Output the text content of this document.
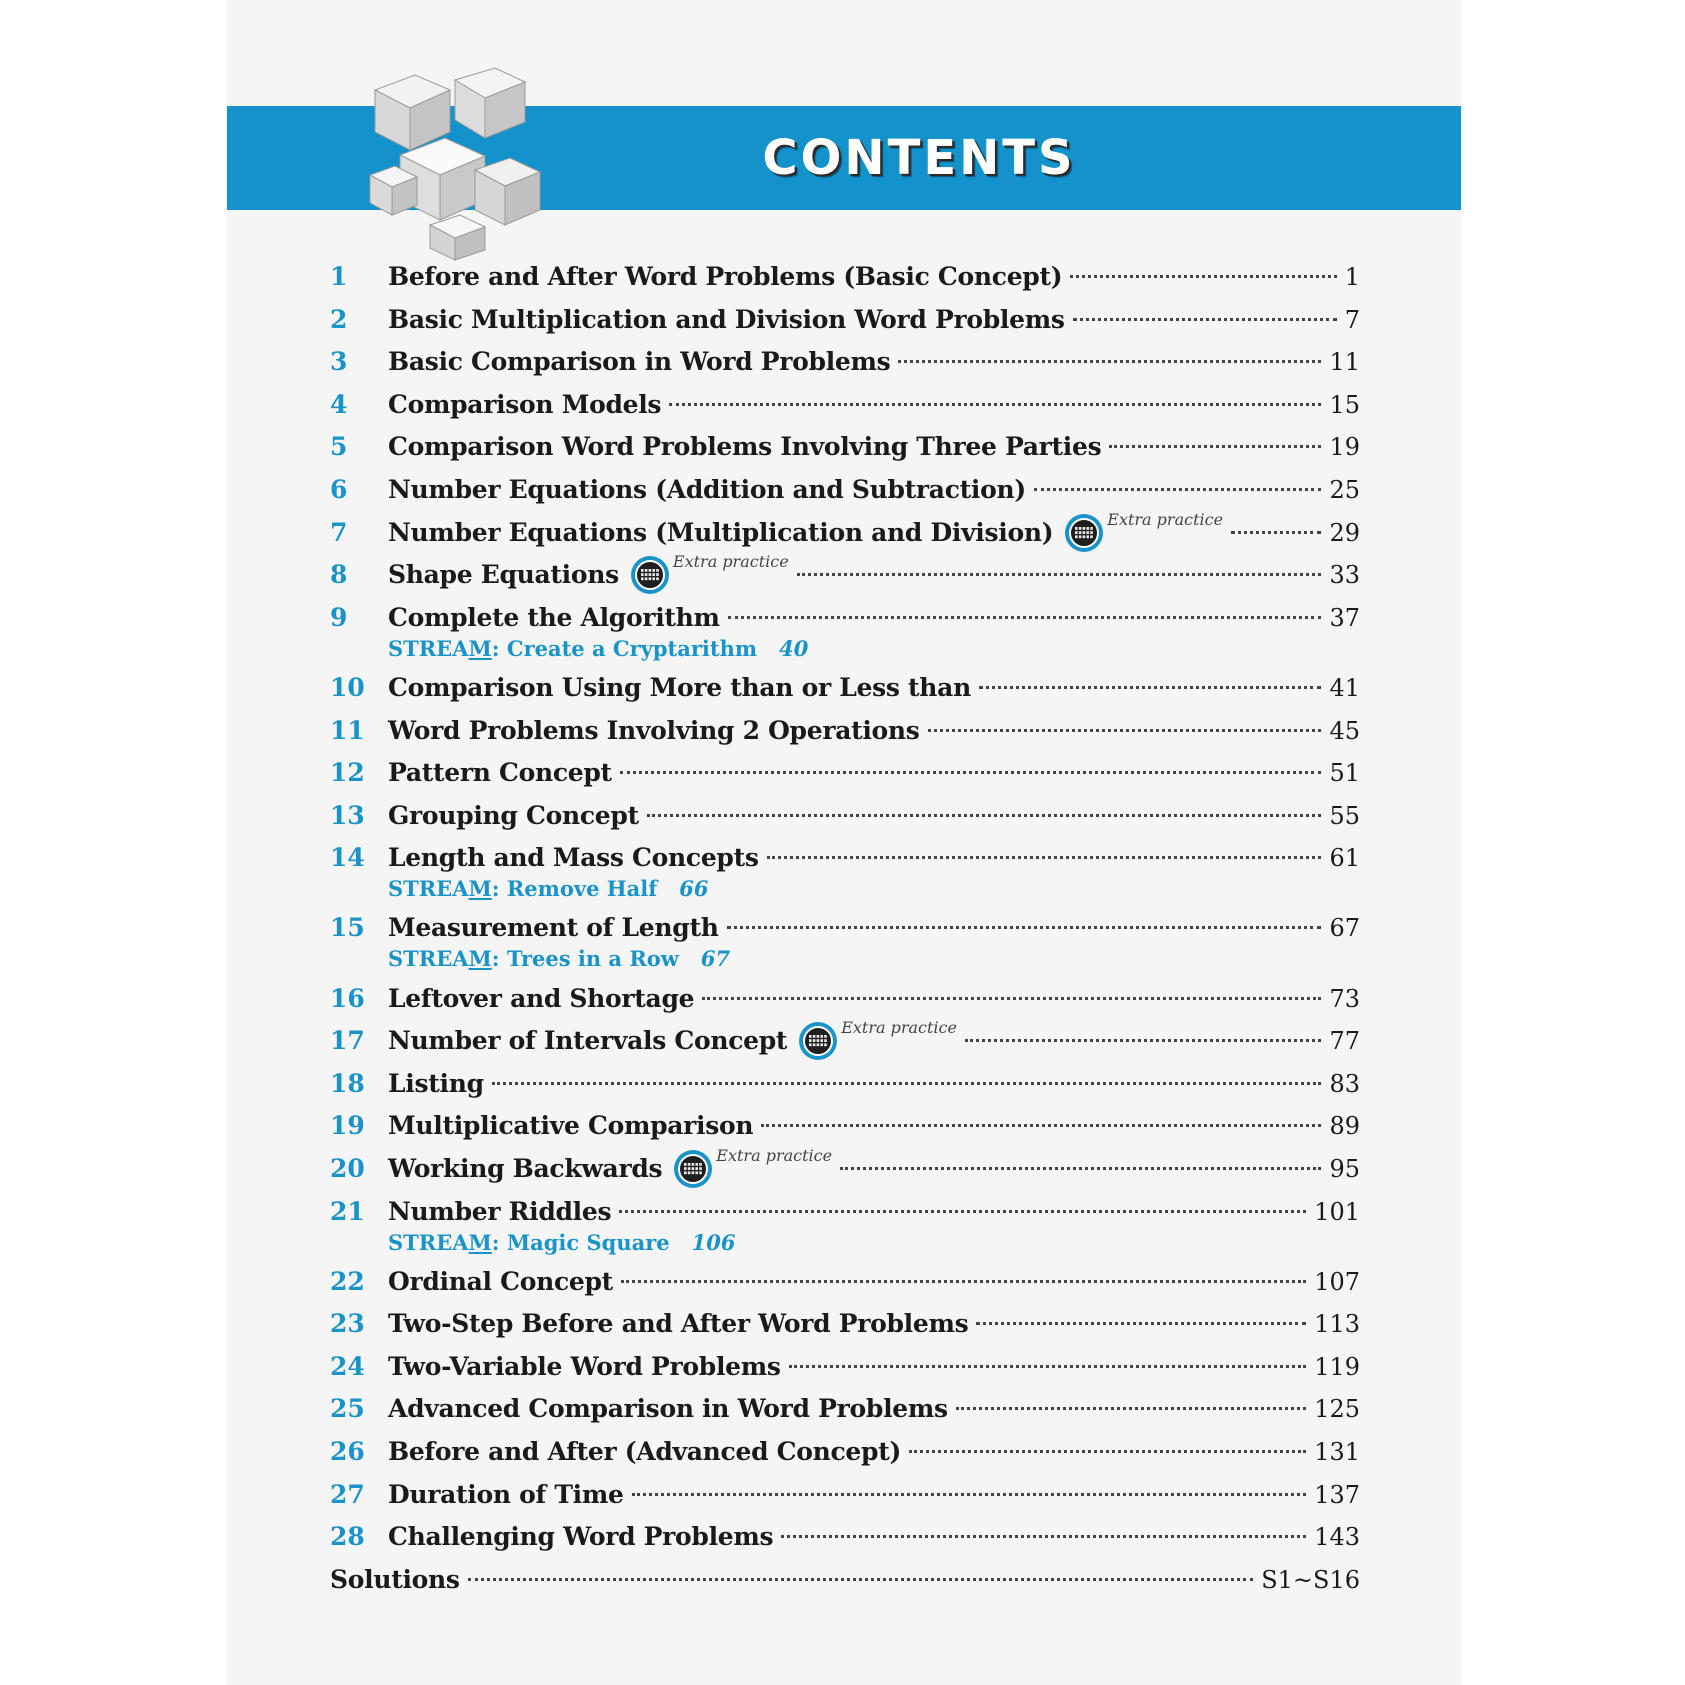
CONTENTS
1	Before and After Word Problems (Basic Concept)	1
2	Basic Multiplication and Division Word Problems	7
3	Basic Comparison in Word Problems	11
4	Comparison Models	15
5	Comparison Word Problems Involving Three Parties	19
6	Number Equations (Addition and Subtraction)	25
7	Number Equations (Multiplication and Division)	Extra practice	29
8	Shape Equations	Extra practice	33
9	Complete the Algorithm	37
STREAM: Create a Cryptarithm 40
10 Comparison Using More than or Less than	41
11 Word Problems Involving 2 Operations	45
12 Pattern Concept	51
13 Grouping Concept	55
14 Length and Mass Concepts	61
STREAM: Remove Half 66
15 Measurement of Length	67
STREAM: Trees in a Row 67
16 Leftover and Shortage	73
17 Number of Intervals Concept	Extra practice	77
18 Listing	83
19 Multiplicative Comparison	89
20 Working Backwards	Extra practice	95
21 Number Riddles	101
STREAM: Magic Square 106
22 Ordinal Concept	107
23 Two-Step Before and After Word Problems	113
24 Two-Variable Word Problems	119
25 Advanced Comparison in Word Problems	125
26 Before and After (Advanced Concept)	131
27 Duration of Time	137
28 Challenging Word Problems	143
Solutions	S1~S16
